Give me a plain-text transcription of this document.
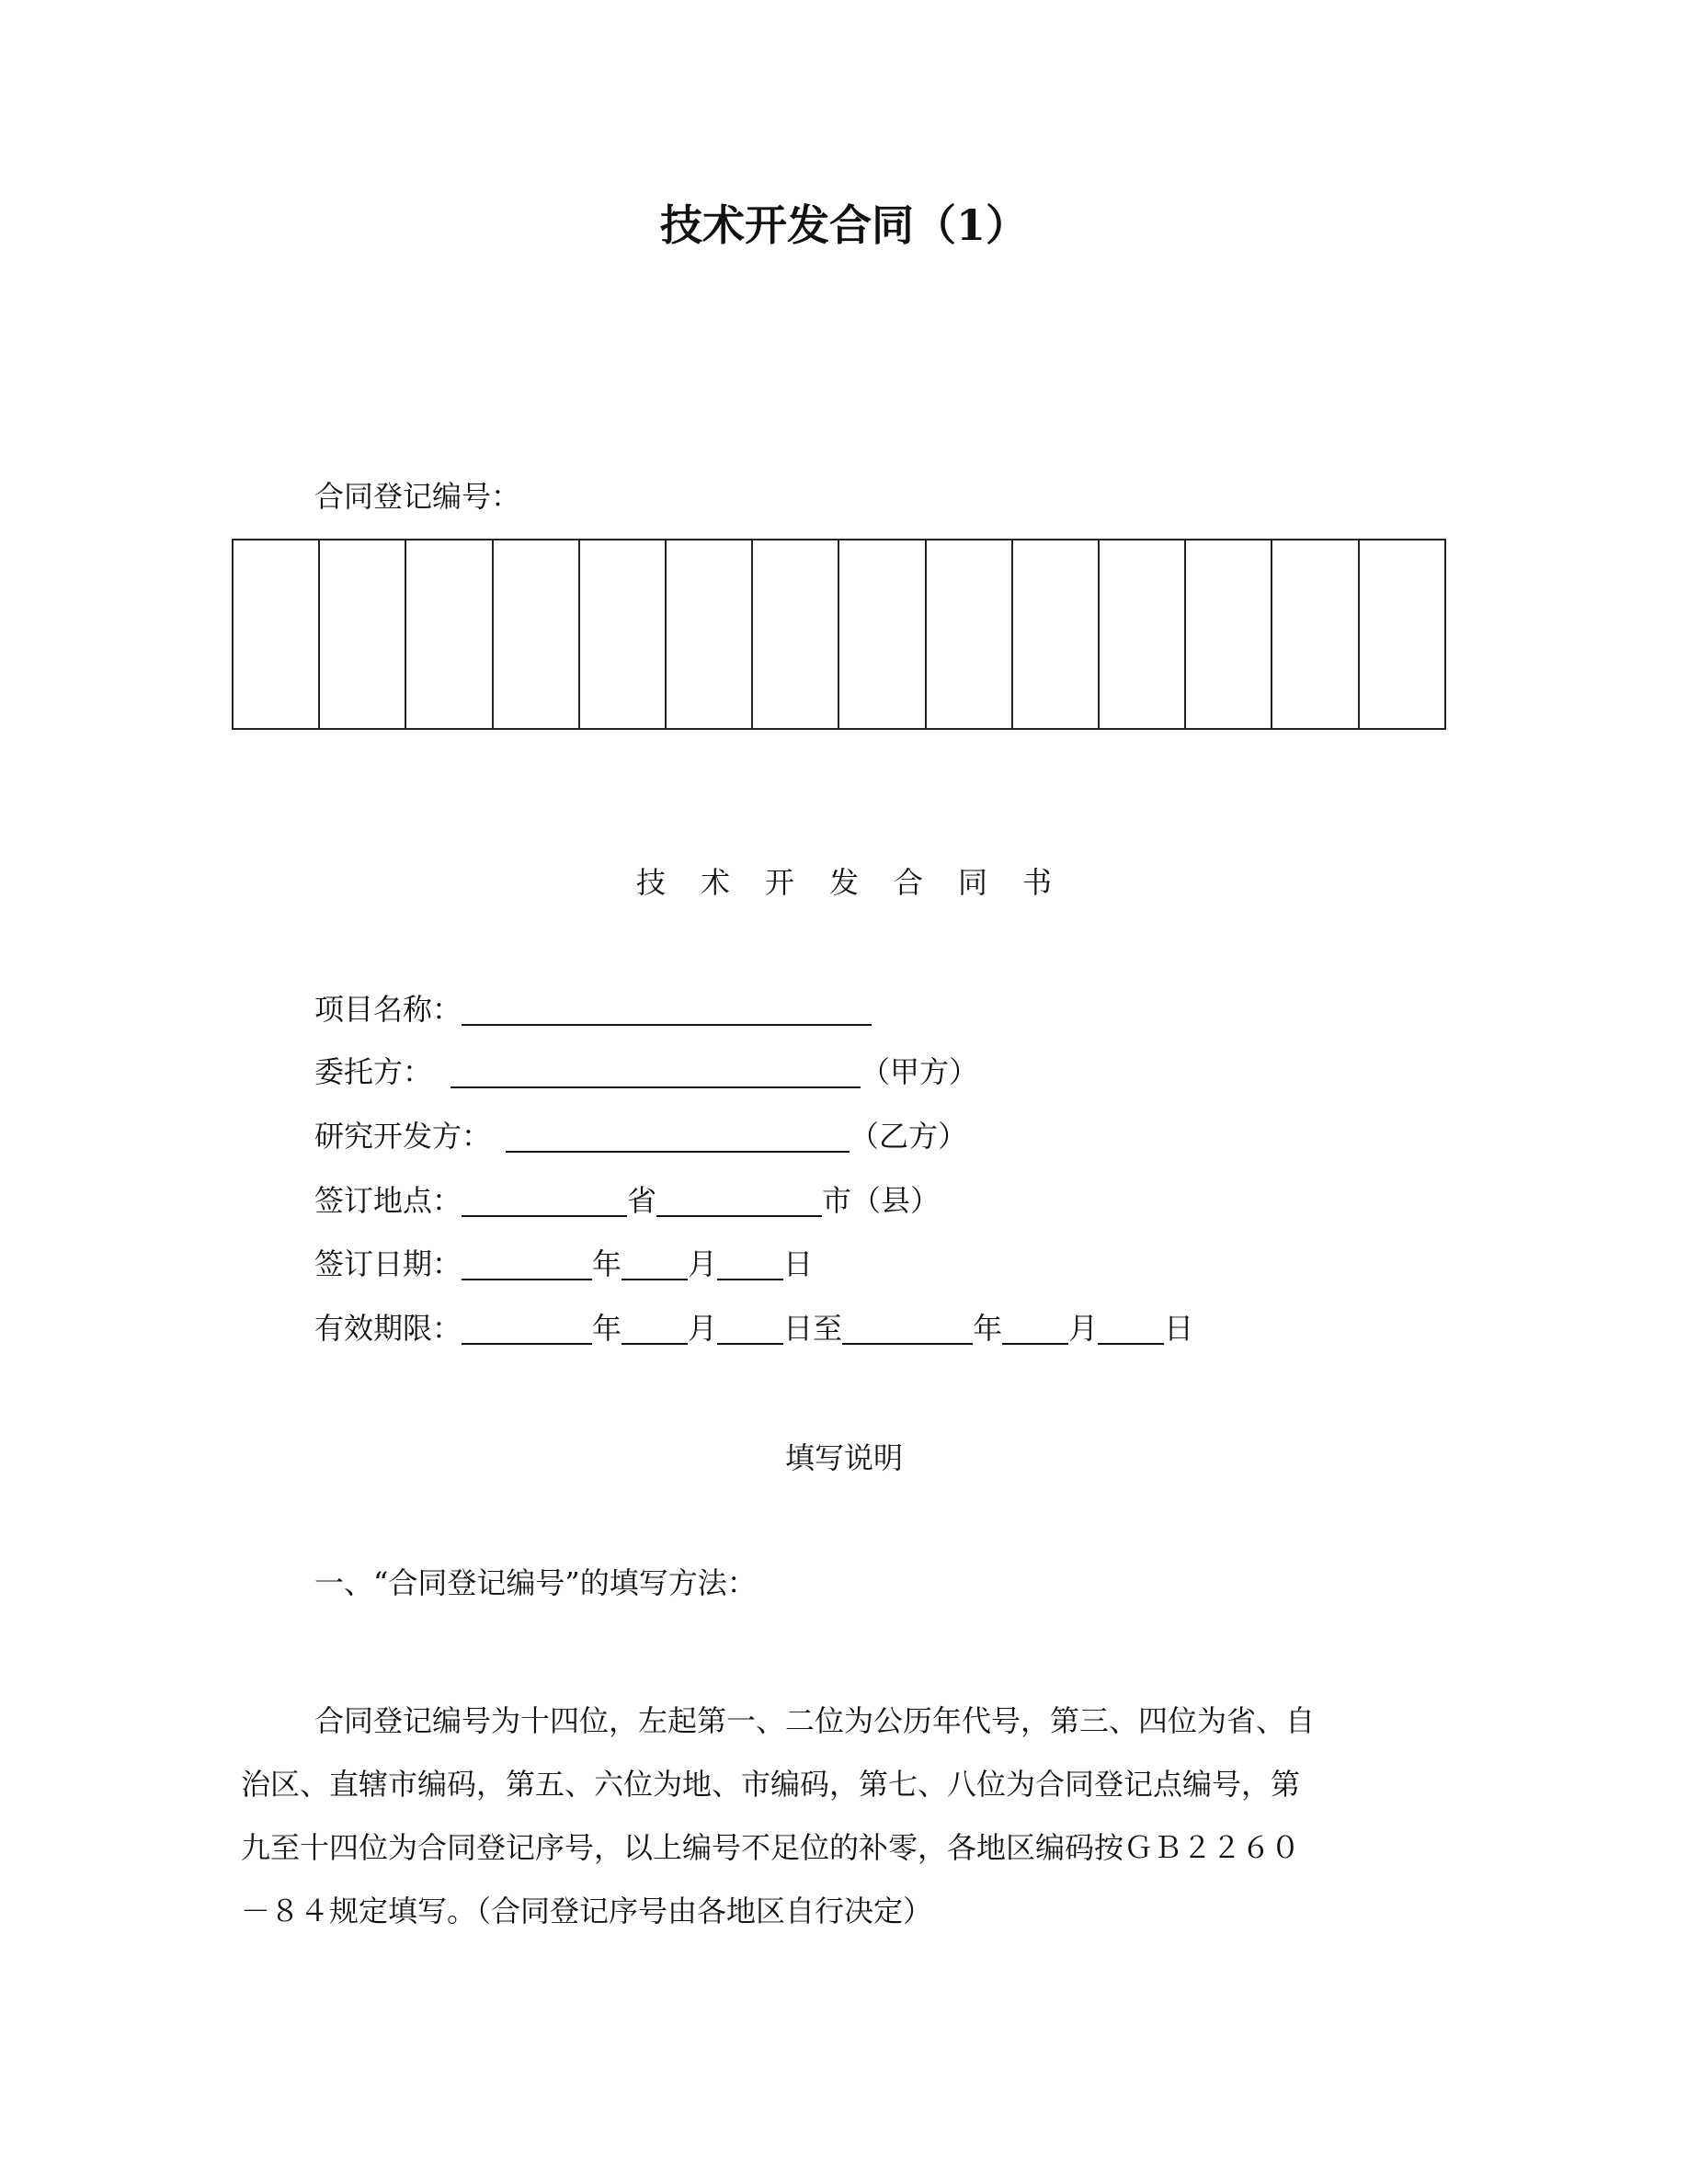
技术开发合同（1）
合同登记编号：

技 术 开 发 合 同 书
项目名称：
委托方：	（甲方）
研究开发方：	（乙方）
签订地点：	省	市（县）
签订日期：	年 月 日
有效期限：	年 月 日至	年 月 日
填写说明
一、“合同登记编号”的填写方法：
合同登记编号为十四位，左起第一、二位为公历年代号，第三、四位为省、自
治区、直辖市编码，第五、六位为地、市编码，第七、八位为合同登记点编号，第
九至十四位为合同登记序号，以上编号不足位的补零，各地区编码按ＧＢ２２６０
－８４规定填写。（合同登记序号由各地区自行决定）
